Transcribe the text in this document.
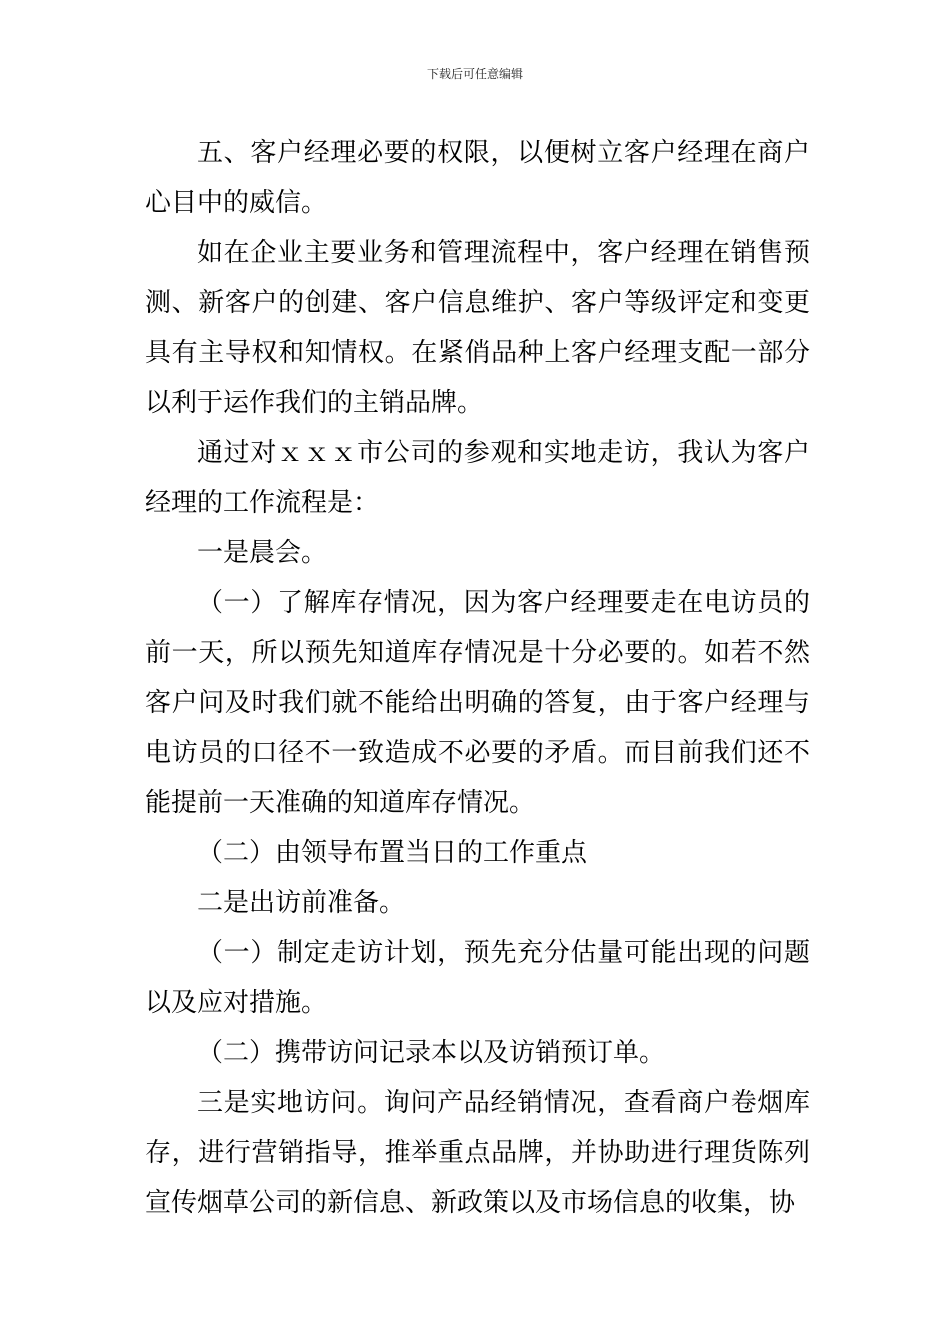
下载后可任意编辑

五、客户经理必要的权限，以便树立客户经理在商户心目中的威信。

如在企业主要业务和管理流程中，客户经理在销售预测、新客户的创建、客户信息维护、客户等级评定和变更具有主导权和知情权。在紧俏品种上客户经理支配一部分以利于运作我们的主销品牌。

通过对ｘｘｘ市公司的参观和实地走访，我认为客户经理的工作流程是：

一是晨会。

（一）了解库存情况，因为客户经理要走在电访员的前一天，所以预先知道库存情况是十分必要的。如若不然客户问及时我们就不能给出明确的答复，由于客户经理与电访员的口径不一致造成不必要的矛盾。而目前我们还不能提前一天准确的知道库存情况。

（二）由领导布置当日的工作重点

二是出访前准备。

（一）制定走访计划，预先充分估量可能出现的问题以及应对措施。

（二）携带访问记录本以及访销预订单。

三是实地访问。询问产品经销情况，查看商户卷烟库存，进行营销指导，推举重点品牌，并协助进行理货陈列宣传烟草公司的新信息、新政策以及市场信息的收集，协
